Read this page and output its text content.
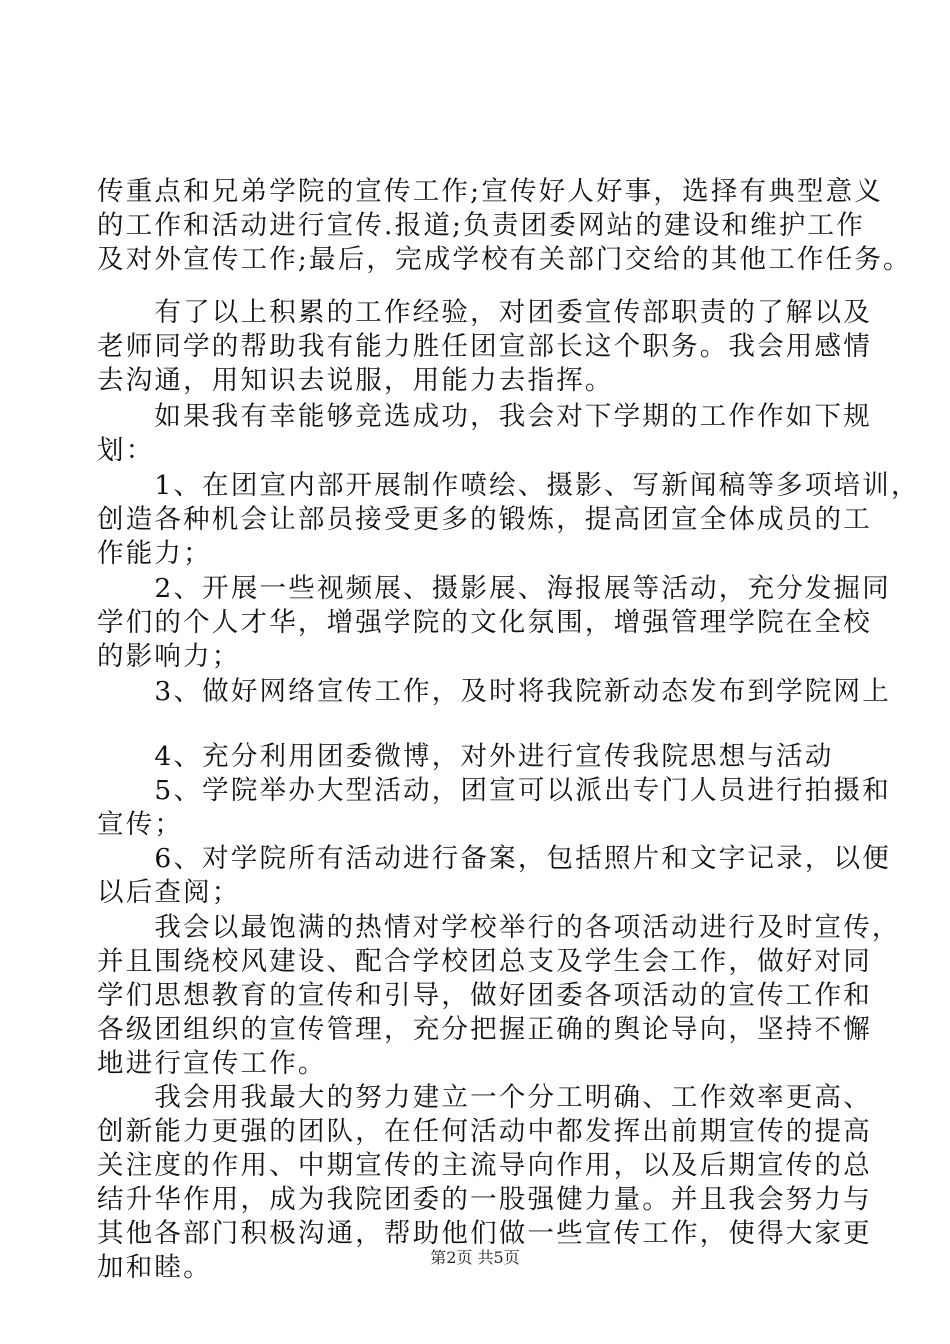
传重点和兄弟学院的宣传工作;宣传好人好事，选择有典型意义
的工作和活动进行宣传.报道;负责团委网站的建设和维护工作
及对外宣传工作;最后，完成学校有关部门交给的其他工作任务。
　　有了以上积累的工作经验，对团委宣传部职责的了解以及
老师同学的帮助我有能力胜任团宣部长这个职务。我会用感情
去沟通，用知识去说服，用能力去指挥。
　　如果我有幸能够竞选成功，我会对下学期的工作作如下规
划：
　　1、在团宣内部开展制作喷绘、摄影、写新闻稿等多项培训，
创造各种机会让部员接受更多的锻炼，提高团宣全体成员的工
作能力；
　　2、开展一些视频展、摄影展、海报展等活动，充分发掘同
学们的个人才华，增强学院的文化氛围，增强管理学院在全校
的影响力；
　　3、做好网络宣传工作，及时将我院新动态发布到学院网上
　　4、充分利用团委微博，对外进行宣传我院思想与活动
　　5、学院举办大型活动，团宣可以派出专门人员进行拍摄和
宣传；
　　6、对学院所有活动进行备案，包括照片和文字记录，以便
以后查阅；
　　我会以最饱满的热情对学校举行的各项活动进行及时宣传，
并且围绕校风建设、配合学校团总支及学生会工作，做好对同
学们思想教育的宣传和引导，做好团委各项活动的宣传工作和
各级团组织的宣传管理，充分把握正确的舆论导向，坚持不懈
地进行宣传工作。
　　我会用我最大的努力建立一个分工明确、工作效率更高、
创新能力更强的团队，在任何活动中都发挥出前期宣传的提高
关注度的作用、中期宣传的主流导向作用，以及后期宣传的总
结升华作用，成为我院团委的一股强健力量。并且我会努力与
其他各部门积极沟通，帮助他们做一些宣传工作，使得大家更
加和睦。	第2页 共5页
